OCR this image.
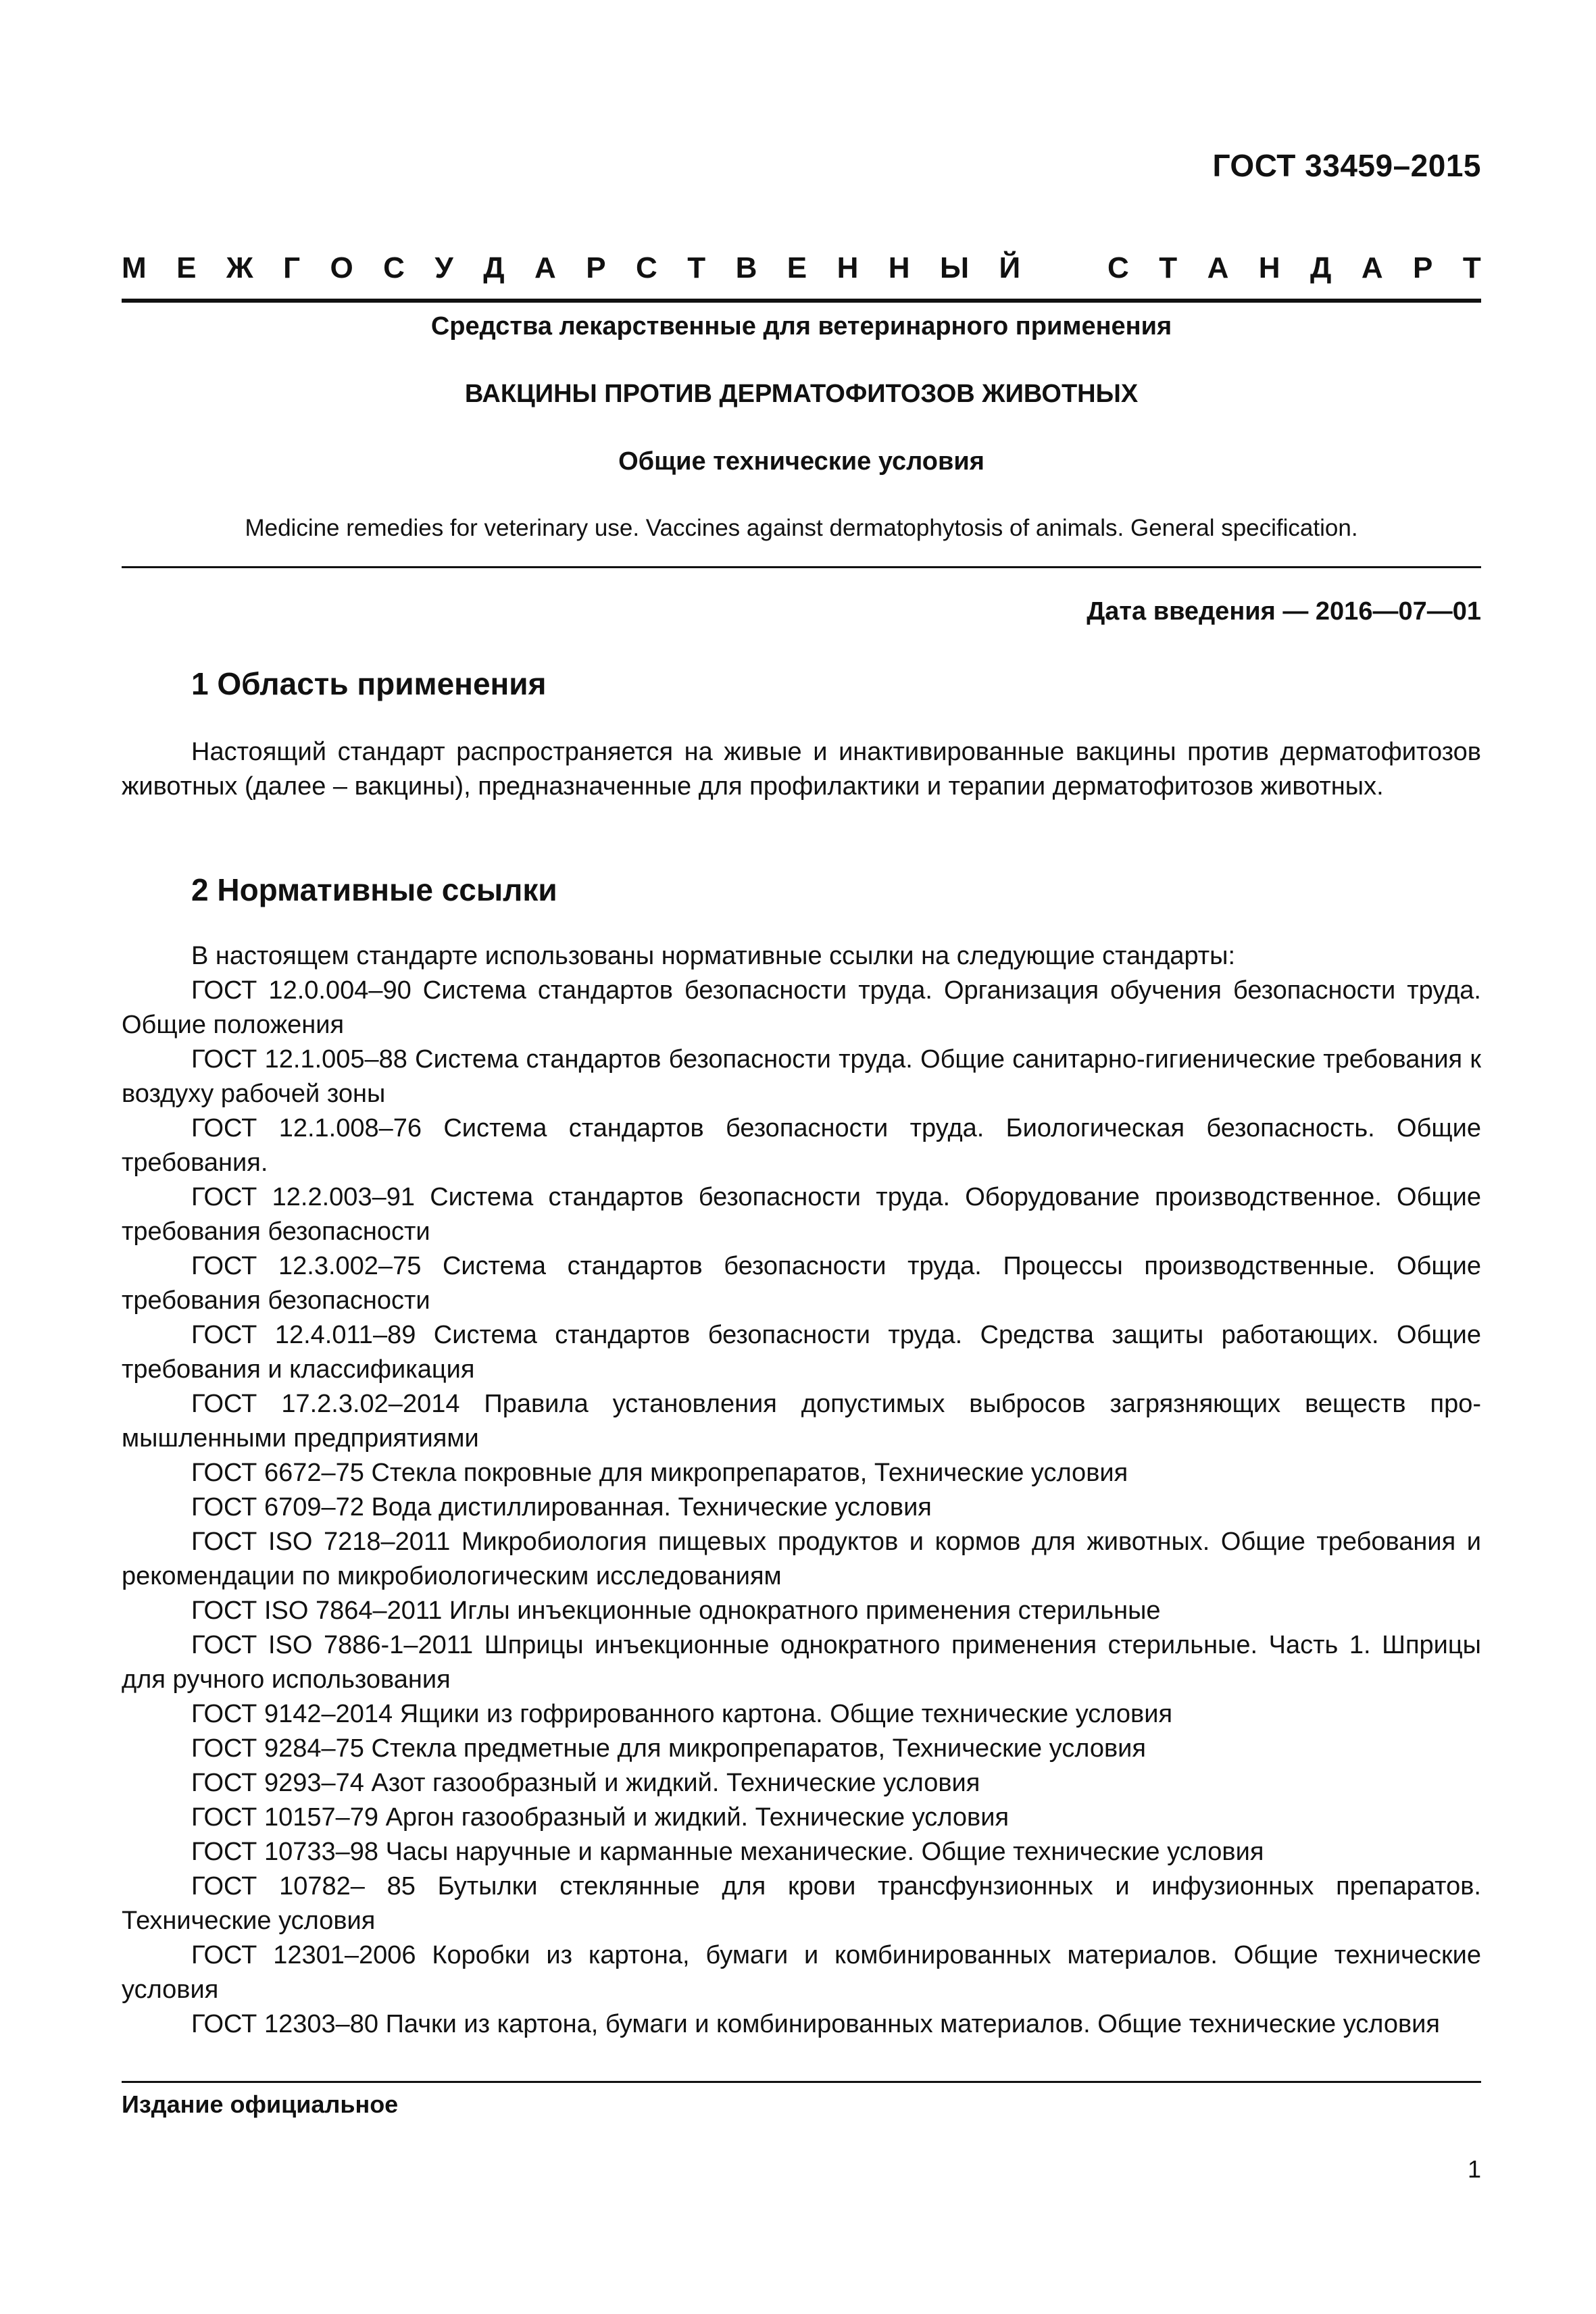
ГОСТ 33459–2015
М Е Ж Г О С У Д А Р С Т В Е Н Н Ы Й	С Т А Н Д А Р Т
Средства лекарственные для ветеринарного применения
ВАКЦИНЫ ПРОТИВ ДЕРМАТОФИТОЗОВ ЖИВОТНЫХ
Общие технические условия
Medicine remedies for veterinary use. Vaccines against dermatophytosis of animals. General specification.
Дата введения — 2016—07—01
1 Область применения

Настоящий стандарт распространяется на живые и инактивированные вакцины против дерматофитозов животных (далее – вакцины), предназначенные для профилактики и терапии дерматофитозов животных.

2 Нормативные ссылки

В настоящем стандарте использованы нормативные ссылки на следующие стандарты:

ГОСТ 12.0.004–90 Система стандартов безопасности труда. Организация обучения безопасности труда. Общие положения

ГОСТ 12.1.005–88 Система стандартов безопасности труда. Общие санитарно-гигиенические требования к воздуху рабочей зоны

ГОСТ 12.1.008–76 Система стандартов безопасности труда. Биологическая безопасность. Общие требования.

ГОСТ 12.2.003–91 Система стандартов безопасности труда. Оборудование производственное. Общие требования безопасности

ГОСТ 12.3.002–75 Система стандартов безопасности труда. Процессы производственные. Общие требования безопасности

ГОСТ 12.4.011–89 Система стандартов безопасности труда. Средства защиты работающих. Общие требования и классификация

ГОСТ 17.2.3.02–2014 Правила установления допустимых выбросов загрязняющих веществ промышленными предприятиями

ГОСТ 6672–75 Стекла покровные для микропрепаратов, Технические условия

ГОСТ 6709–72 Вода дистиллированная. Технические условия

ГОСТ ISO 7218–2011 Микробиология пищевых продуктов и кормов для животных. Общие требования и рекомендации по микробиологическим исследованиям

ГОСТ ISO 7864–2011 Иглы инъекционные однократного применения стерильные

ГОСТ ISO 7886-1–2011 Шприцы инъекционные однократного применения стерильные. Часть 1. Шприцы для ручного использования

ГОСТ 9142–2014 Ящики из гофрированного картона. Общие технические условия

ГОСТ 9284–75 Стекла предметные для микропрепаратов, Технические условия

ГОСТ 9293–74 Азот газообразный и жидкий. Технические условия

ГОСТ 10157–79 Аргон газообразный и жидкий. Технические условия

ГОСТ 10733–98 Часы наручные и карманные механические. Общие технические условия

ГОСТ 10782– 85 Бутылки стеклянные для крови трансфунзионных и инфузионных препаратов. Технические условия

ГОСТ 12301–2006 Коробки из картона, бумаги и комбинированных материалов. Общие технические условия

ГОСТ 12303–80 Пачки из картона, бумаги и комбинированных материалов. Общие технические условия

Издание официальное
1
